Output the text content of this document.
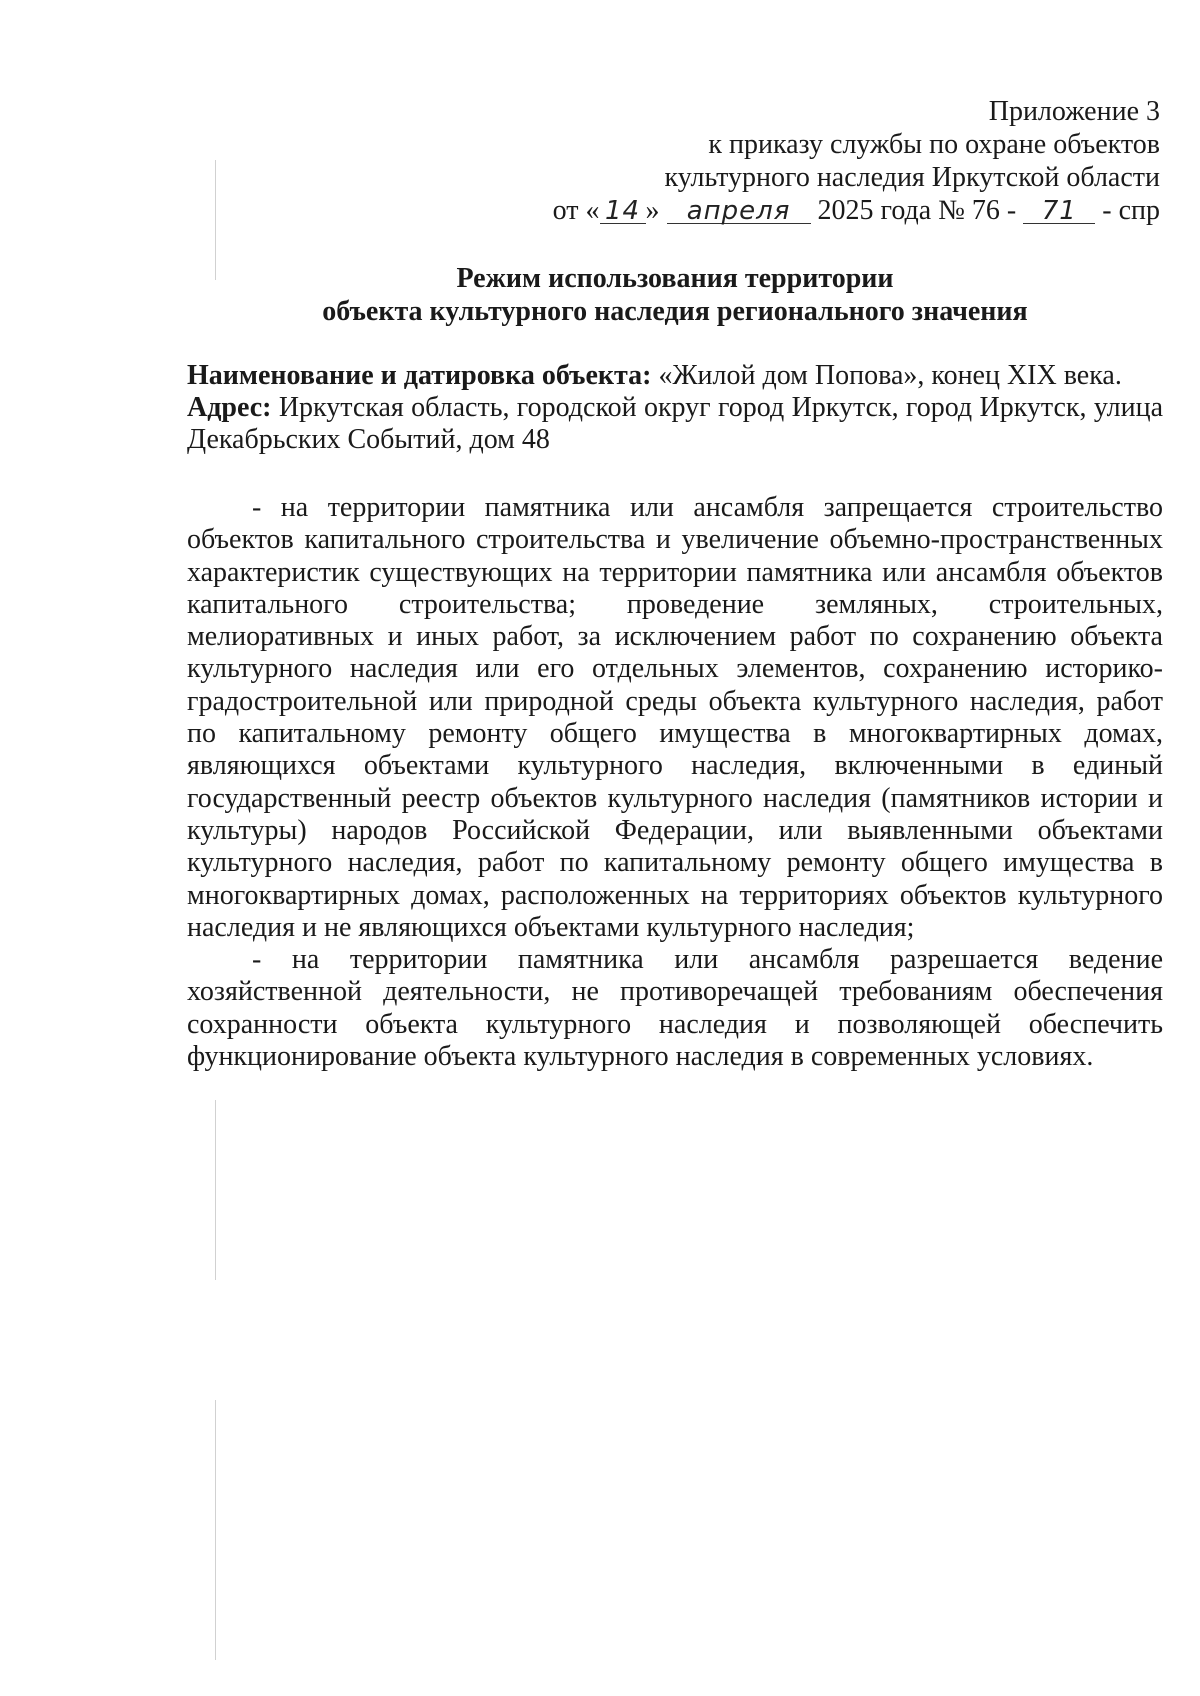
Приложение 3
к приказу службы по охране объектов
культурного наследия Иркутской области
от « 14 » апреля 2025 года № 76 - 71 - спр
Режим использования территории
объекта культурного наследия регионального значения
Наименование и датировка объекта: «Жилой дом Попова», конец XIX века.
Адрес: Иркутская область, городской округ город Иркутск, город Иркутск, улица Декабрьских Событий, дом 48

- на территории памятника или ансамбля запрещается строительство объектов капитального строительства и увеличение объемно-пространственных характеристик существующих на территории памятника или ансамбля объектов капитального строительства; проведение земляных, строительных, мелиоративных и иных работ, за исключением работ по сохранению объекта культурного наследия или его отдельных элементов, сохранению историко-градостроительной или природной среды объекта культурного наследия, работ по капитальному ремонту общего имущества в многоквартирных домах, являющихся объектами культурного наследия, включенными в единый государственный реестр объектов культурного наследия (памятников истории и культуры) народов Российской Федерации, или выявленными объектами культурного наследия, работ по капитальному ремонту общего имущества в многоквартирных домах, расположенных на территориях объектов культурного наследия и не являющихся объектами культурного наследия;

- на территории памятника или ансамбля разрешается ведение хозяйственной деятельности, не противоречащей требованиям обеспечения сохранности объекта культурного наследия и позволяющей обеспечить функционирование объекта культурного наследия в современных условиях.
